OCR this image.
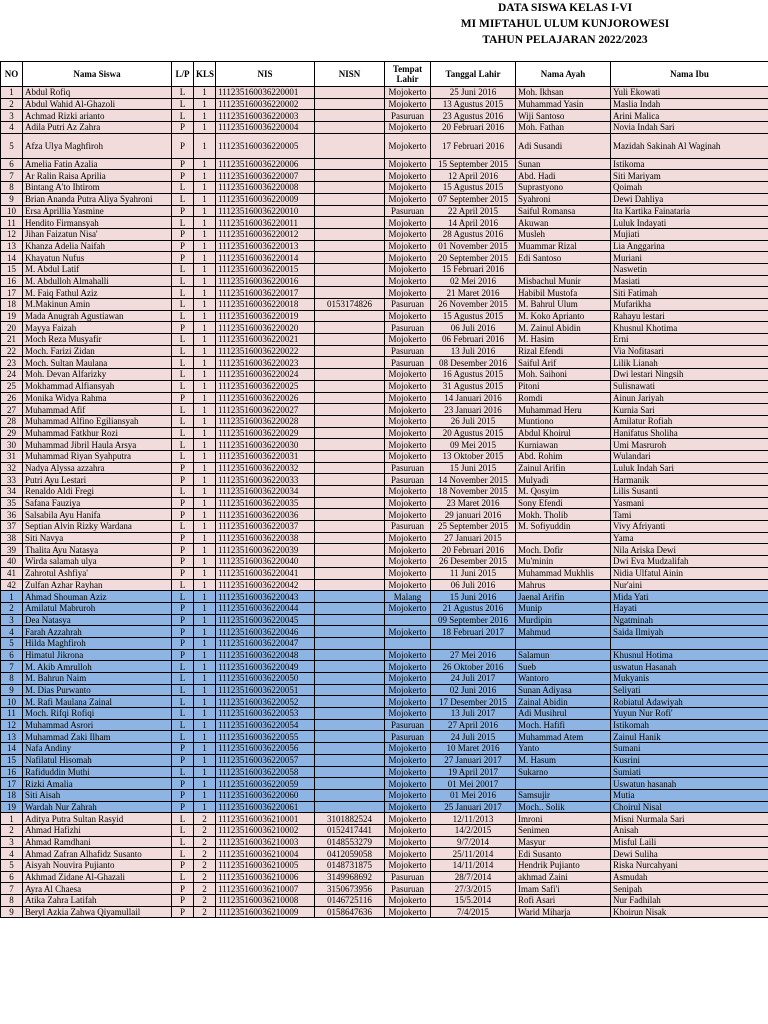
DATA SISWA KELAS I-VI
MI MIFTAHUL ULUM KUNJOROWESI
TAHUN PELAJARAN 2022/2023
NO	Nama Siswa	L/P	KLS	NIS	NISN	Tempat Lahir	Tanggal Lahir	Nama Ayah	Nama Ibu
1	Abdul Rofiq	L	1	111235160036220001		Mojokerto	25 Juni 2016	Moh. Ikhsan	Yuli Ekowati
2	Abdul Wahid Al-Ghazoli	L	1	111235160036220002		Mojokerto	13 Agustus 2015	Muhammad Yasin	Maslia Indah
3	Achmad Rizki arianto	L	1	111235160036220003		Pasuruan	23 Agustus 2016	Wiji Santoso	Arini Malica
4	Adila Putri Az Zahra	P	1	111235160036220004		Mojokerto	20 Februari 2016	Moh. Fathan	Novia Indah Sari
5	Afza Ulya Maghfiroh	P	1	111235160036220005		Mojokerto	17 Februari 2016	Adi Susandi	Mazidah Sakinah Al Waginah
6	Amelia Fatin Azalia	P	1	111235160036220006		Mojokerto	15 September 2015	Sunan	Istikoma
7	Ar Ralin Raisa Aprilia	P	1	111235160036220007		Mojokerto	12 April 2016	Abd. Hadi	Siti Mariyam
8	Bintang A'to Ihtirom	L	1	111235160036220008		Mojokerto	15 Agustus 2015	Suprastyono	Qoimah
9	Brian Ananda Putra Aliya Syahroni	L	1	111235160036220009		Mojokerto	07 September 2015	Syahroni	Dewi Dahliya
10	Ersa Aprillia Yasmine	P	1	111235160036220010		Pasuruan	22 April 2015	Saiful Romansa	Ita Kartika Fainataria
11	Hendito Firmansyah	L	1	111235160036220011		Mojokerto	14 April 2016	Akuwan	Luluk Indayati
12	Jihan Faizatun Nisa'	P	1	111235160036220012		Mojokerto	28 Agustus 2016	Musleh	Mujiati
13	Khanza Adelia Naifah	P	1	111235160036220013		Mojokerto	01 November 2015	Muammar Rizal	Lia Anggarina
14	Khayatun Nufus	P	1	111235160036220014		Mojokerto	20 September 2015	Edi Santoso	Muriani
15	M. Abdul Latif	L	1	111235160036220015		Mojokerto	15 Februari 2016		Naswetin
16	M. Abdulloh Almahalli	L	1	111235160036220016		Mojokerto	02 Mei 2016	Misbachul Munir	Masiati
17	M. Faiq Fathul Aziz	L	1	111235160036220017		Mojokerto	21 Maret 2016	Habibil Mustofa	Siti Fatimah
18	M.Makinun Amin	L	1	111235160036220018	0153174826	Pasuruan	26 November 2015	M. Bahrul Ulum	Mufarikha
19	Mada Anugrah Agustiawan	L	1	111235160036220019		Mojokerto	15 Agustus 2015	M. Koko Aprianto	Rahayu lestari
20	Mayya Faizah	P	1	111235160036220020		Pasuruan	06 Juli 2016	M. Zainul Abidin	Khusnul Khotima
21	Moch Reza Musyafir	L	1	111235160036220021		Mojokerto	06 Februari 2016	M. Hasim	Erni
22	Moch. Farizi Zidan	L	1	111235160036220022		Pasuruan	13 Juli 2016	Rizal Efendi	Via Nofitasari
23	Moch. Sultan Maulana	L	1	111235160036220023		Pasuruan	08 Desember 2016	Saiful Arif	Lilik Lianah
24	Moh. Devan Alfarizky	L	1	111235160036220024		Mojokerto	16 Agustus 2015	Moh. Saihoni	Dwi lestari Ningsih
25	Mokhammad Alfiansyah	L	1	111235160036220025		Mojokerto	31 Agustus 2015	Pitoni	Sulisnawati
26	Monika Widya Rahma	P	1	111235160036220026		Mojokerto	14 Januari 2016	Romdi	Ainun Jariyah
27	Muhammad Afif	L	1	111235160036220027		Mojokerto	23 Januari 2016	Muhammad Heru	Kurnia Sari
28	Muhammad Alfino Egiliansyah	L	1	111235160036220028		Mojokerto	26 Juli 2015	Muntiono	Amilatur Rofiah
29	Muhammad Fatkhur Rozi	L	1	111235160036220029		Mojokerto	20 Agustus 2015	Abdul Khoirul	Hanifatus Sholiha
30	Muhammad Jibril Haula Arsya	L	1	111235160036220030		Mojokerto	09 Mei 2015	Kurniawan	Umi Masruroh
31	Muhammad Riyan Syahputra	L	1	111235160036220031		Mojokerto	13 Oktober 2015	Abd. Rohim	Wulandari
32	Nadya Alyssa azzahra	P	1	111235160036220032		Pasuruan	15 Juni 2015	Zainul Arifin	Luluk Indah Sari
33	Putri Ayu Lestari	P	1	111235160036220033		Pasuruan	14 November 2015	Mulyadi	Harmanik
34	Renaldo Aldi Fregi	L	1	111235160036220034		Mojokerto	18 November 2015	M. Qosyim	Lilis Susanti
35	Safana Fauziya	P	1	111235160036220035		Mojokerto	23 Maret 2016	Sony Efendi	Yasmani
36	Salsabila Ayu Hanifa	P	1	111235160036220036		Mojokerto	29 januari 2016	Mokh. Tholib	Tami
37	Septian Alvin Rizky Wardana	L	1	111235160036220037		Pasuruan	25 September 2015	M. Sofiyuddin	Vivy Afriyanti
38	Siti Navya	P	1	111235160036220038		Mojokerto	27 Januari 2015		Yama
39	Thalita Ayu Natasya	P	1	111235160036220039		Mojokerto	20 Februari 2016	Moch. Dofir	Nila Ariska Dewi
40	Wirda salamah ulya	P	1	111235160036220040		Mojokerto	26 Desember 2015	Mu'minin	Dwi Eva Mudzalifah
41	Zahrotul Ashfiya'	P	1	111235160036220041		Mojokerto	11 Juni 2015	Muhammad Mukhlis	Nidia Ulfatul Ainin
42	Zulfan Azhar Rayhan	L	1	111235160036220042		Mojokerto	06 Juli 2016	Mahrus	Nur'aini
1	Ahmad Shouman Aziz	L	1	111235160036220043		Malang	15 Juni 2016	Jaenal Arifin	Mida Yati
2	Amilatul Mabruroh	P	1	111235160036220044		Mojokerto	21 Agustus 2016	Munip	Hayati
3	Dea Natasya	P	1	111235160036220045			09 September 2016	Murdipin	Ngatminah
4	Farah Azzahrah	P	1	111235160036220046		Mojokerto	18 Februari 2017	Mahmud	Saida Ilmiyah
5	Hilda Maghfiroh	P	1	111235160036220047					
6	Himatul Jikrona	P	1	111235160036220048		Mojokerto	27 Mei 2016	Salamun	Khusnul Hotima
7	M. Akib Amrulloh	L	1	111235160036220049		Mojokerto	26 Oktober 2016	Sueb	uswatun Hasanah
8	M. Bahrun Naim	L	1	111235160036220050		Mojokerto	24 Juli 2017	Wantoro	Mukyanis
9	M. Dias Purwanto	L	1	111235160036220051		Mojokerto	02 Juni 2016	Sunan Adiyasa	Seliyati
10	M. Rafi Maulana Zainal	L	1	111235160036220052		Mojokerto	17 Desember 2015	Zainal Abidin	Robiatul Adawiyah
11	Moch. Rifqi Rofiqi	L	1	111235160036220053		Mojokerto	13 Juli 2017	Adi Musihrul	Yuyun Nur Rofi'
12	Muhammad Asrori	L	1	111235160036220054		Pasuruan	27 April 2016	Moch. Hafifi	Istikomah
13	Muhammad Zaki Ilham	L	1	111235160036220055		Pasuruan	24 Juli 2015	Muhammad Atem	Zainul Hanik
14	Nafa Andiny	P	1	111235160036220056		Mojokerto	10 Maret 2016	Yanto	Sumani
15	Nafilatul Hisomah	P	1	111235160036220057		Mojokerto	27 Januari 2017	M. Hasum	Kusrini
16	Rafiduddin Muthi	L	1	111235160036220058		Mojokerto	19 April 2017	Sukarno	Sumiati
17	Rizki Amalia	P	1	111235160036220059		Mojokerto	01 Mei 20017		Uswatun hasanah
18	Siti Aisah	P	1	111235160036220060		Mojokerto	01 Mei 2016	Samsujir	Mutia
19	Wardah Nur Zahrah	P	1	111235160036220061		Mojokerto	25 Januari 2017	Moch.. Solik	Choirul Nisal
1	Aditya Putra Sultan Rasyid	L	2	111235160036210001	3101882524	Mojokerto	12/11/2013	Imroni	Misni Nurmala Sari
2	Ahmad Hafizhi	L	2	111235160036210002	0152417441	Mojokerto	14/2/2015	Senimen	Anisah
3	Ahmad Ramdhani	L	2	111235160036210003	0148553279	Mojokerto	9/7/2014	Masyur	Misful Laili
4	Ahmad Zafran Alhafidz Susanto	L	2	111235160036210004	0412059058	Mojokerto	25/11/2014	Edi Susanto	Dewi Suliha
5	Aisyah Nouvira Pujianto	P	2	111235160036210005	0148731875	Mojokerto	14/11/2014	Hendrik Pujianto	Riska Nurcahyani
6	Akhmad Zidane Al-Ghazali	L	2	111235160036210006	3149968692	Pasuruan	28/7/2014	akhmad Zaini	Asmudah
7	Ayra Al Chaesa	P	2	111235160036210007	3150673956	Pasuruan	27/3/2015	Imam Safi'i	Senipah
8	Atika Zahra Latifah	P	2	111235160036210008	0146725116	Mojokerto	15/5.2014	Rofi Asari	Nur Fadhilah
9	Beryl Azkia Zahwa Qiyamullail	P	2	111235160036210009	0158647636	Mojokerto	7/4/2015	Warid Miharja	Khoirun Nisak
